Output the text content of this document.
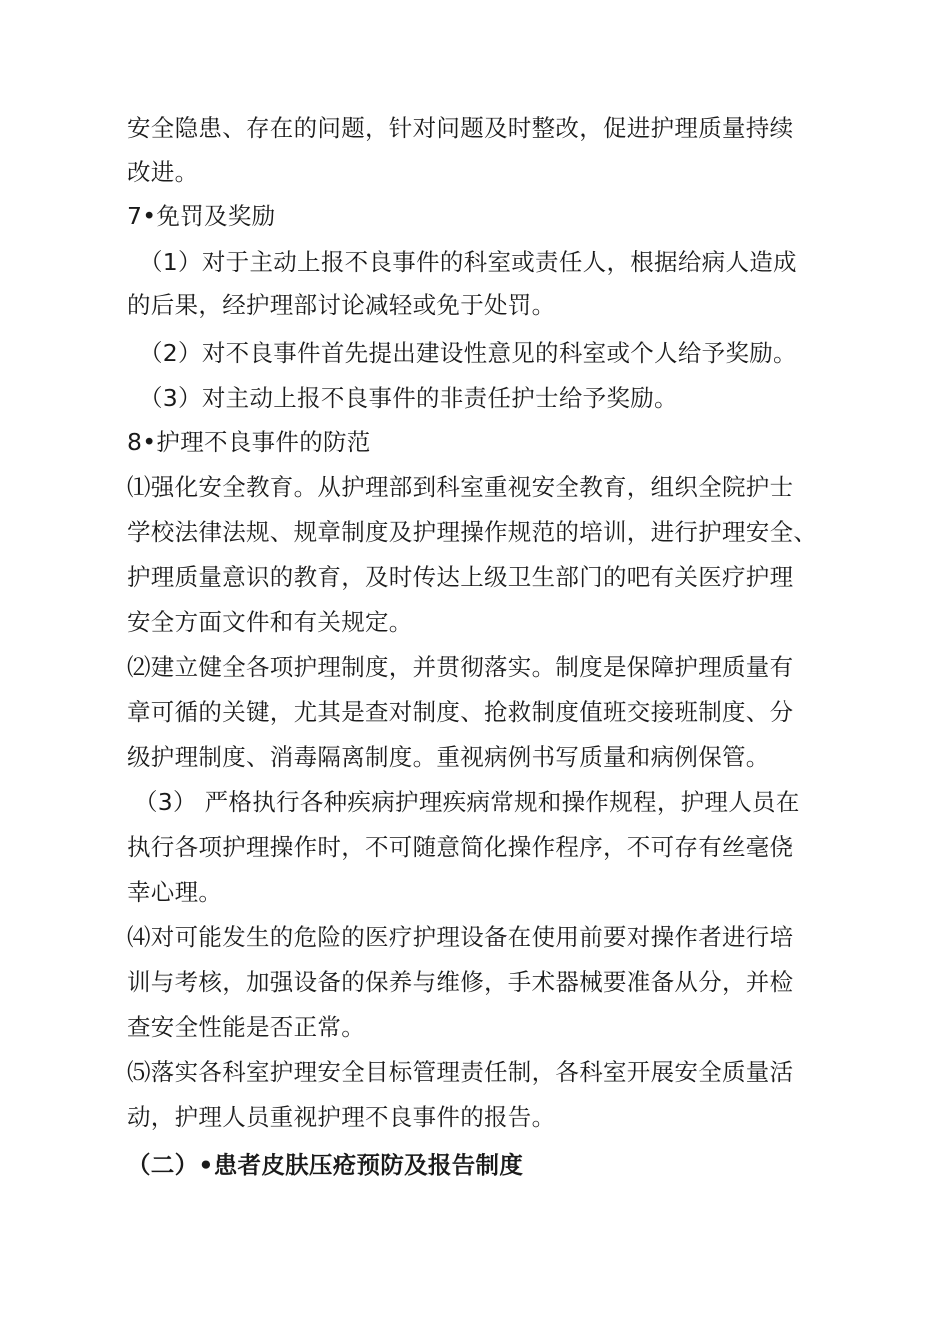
安全隐患、存在的问题，针对问题及时整改，促进护理质量持续
改进。
7•免罚及奖励
（1）对于主动上报不良事件的科室或责任人，根据给病人造成
的后果，经护理部讨论减轻或免于处罚。
（2）对不良事件首先提出建设性意见的科室或个人给予奖励。
（3）对主动上报不良事件的非责任护士给予奖励。
8•护理不良事件的防范
⑴强化安全教育。从护理部到科室重视安全教育，组织全院护士
学校法律法规、规章制度及护理操作规范的培训，进行护理安全、
护理质量意识的教育，及时传达上级卫生部门的吧有关医疗护理
安全方面文件和有关规定。
⑵建立健全各项护理制度，并贯彻落实。制度是保障护理质量有
章可循的关键，尤其是查对制度、抢救制度值班交接班制度、分
级护理制度、消毒隔离制度。重视病例书写质量和病例保管。
（3） 严格执行各种疾病护理疾病常规和操作规程，护理人员在
执行各项护理操作时，不可随意简化操作程序，不可存有丝毫侥
幸心理。
⑷对可能发生的危险的医疗护理设备在使用前要对操作者进行培
训与考核，加强设备的保养与维修，手术器械要准备从分，并检
查安全性能是否正常。
⑸落实各科室护理安全目标管理责任制，各科室开展安全质量活
动，护理人员重视护理不良事件的报告。
（二）•患者皮肤压疮预防及报告制度
